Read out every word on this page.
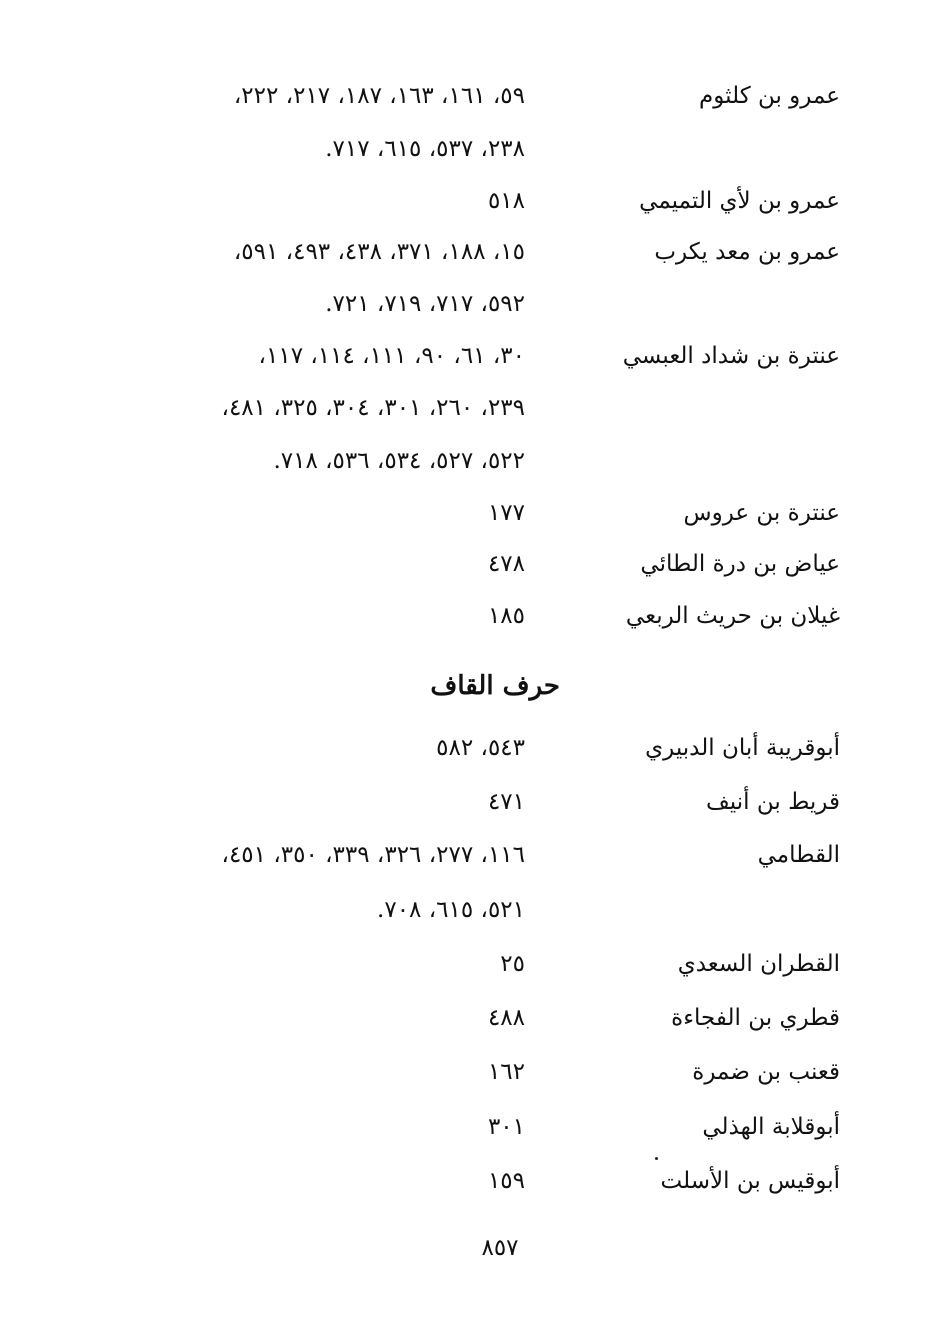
عمرو بن كلثوم
٥٩، ١٦١، ١٦٣، ١٨٧، ٢١٧، ٢٢٢،
٢٣٨، ٥٣٧، ٦١٥، ٧١٧.
عمرو بن لأي التميمي
٥١٨
عمرو بن معد يكرب
١٥، ١٨٨، ٣٧١، ٤٣٨، ٤٩٣، ٥٩١،
٥٩٢، ٧١٧، ٧١٩، ٧٢١.
عنترة بن شداد العبسي
٣٠، ٦١، ٩٠، ١١١، ١١٤، ١١٧،
٢٣٩، ٢٦٠، ٣٠١، ٣٠٤، ٣٢٥، ٤٨١،
٥٢٢، ٥٢٧، ٥٣٤، ٥٣٦، ٧١٨.
عنترة بن عروس
١٧٧
عياض بن درة الطائي
٤٧٨
غيلان بن حريث الربعي
١٨٥
حرف القاف
أبوقريبة أبان الدبيري
٥٤٣، ٥٨٢
قريط بن أنيف
٤٧١
القطامي
١١٦، ٢٧٧، ٣٢٦، ٣٣٩، ٣٥٠، ٤٥١،
٥٢١، ٦١٥، ٧٠٨.
القطران السعدي
٢٥
قطري بن الفجاءة
٤٨٨
قعنب بن ضمرة
١٦٢
أبوقلابة الهذلي
٣٠١
أبوقيس بن الأسلت
١٥٩
٨٥٧
